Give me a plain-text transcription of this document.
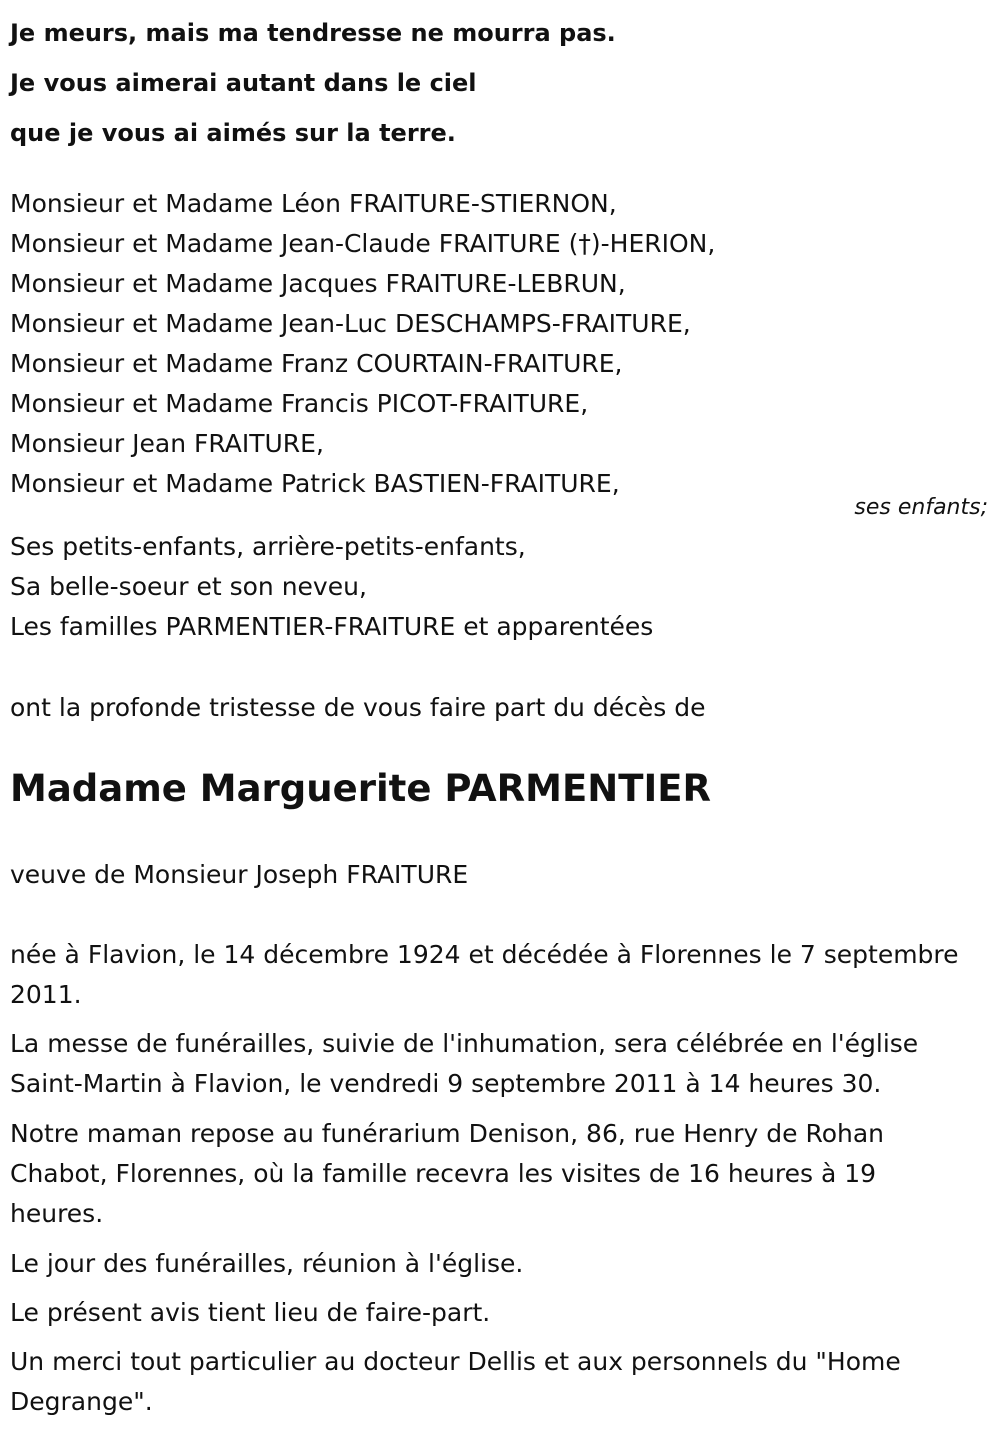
Je meurs, mais ma tendresse ne mourra pas.
Je vous aimerai autant dans le ciel
que je vous ai aimés sur la terre.
Monsieur et Madame Léon FRAITURE-STIERNON,
Monsieur et Madame Jean-Claude FRAITURE (†)-HERION,
Monsieur et Madame Jacques FRAITURE-LEBRUN,
Monsieur et Madame Jean-Luc DESCHAMPS-FRAITURE,
Monsieur et Madame Franz COURTAIN-FRAITURE,
Monsieur et Madame Francis PICOT-FRAITURE,
Monsieur Jean FRAITURE,
Monsieur et Madame Patrick BASTIEN-FRAITURE,
ses enfants;
Ses petits-enfants, arrière-petits-enfants,
Sa belle-soeur et son neveu,
Les familles PARMENTIER-FRAITURE et apparentées
ont la profonde tristesse de vous faire part du décès de
Madame Marguerite PARMENTIER
veuve de Monsieur Joseph FRAITURE
née à Flavion, le 14 décembre 1924 et décédée à Florennes le 7 septembre 2011.
La messe de funérailles, suivie de l'inhumation, sera célébrée en l'église Saint-Martin à Flavion, le vendredi 9 septembre 2011 à 14 heures 30.
Notre maman repose au funérarium Denison, 86, rue Henry de Rohan Chabot, Florennes, où la famille recevra les visites de 16 heures à 19 heures.
Le jour des funérailles, réunion à l'église.
Le présent avis tient lieu de faire-part.
Un merci tout particulier au docteur Dellis et aux personnels du "Home Degrange".
